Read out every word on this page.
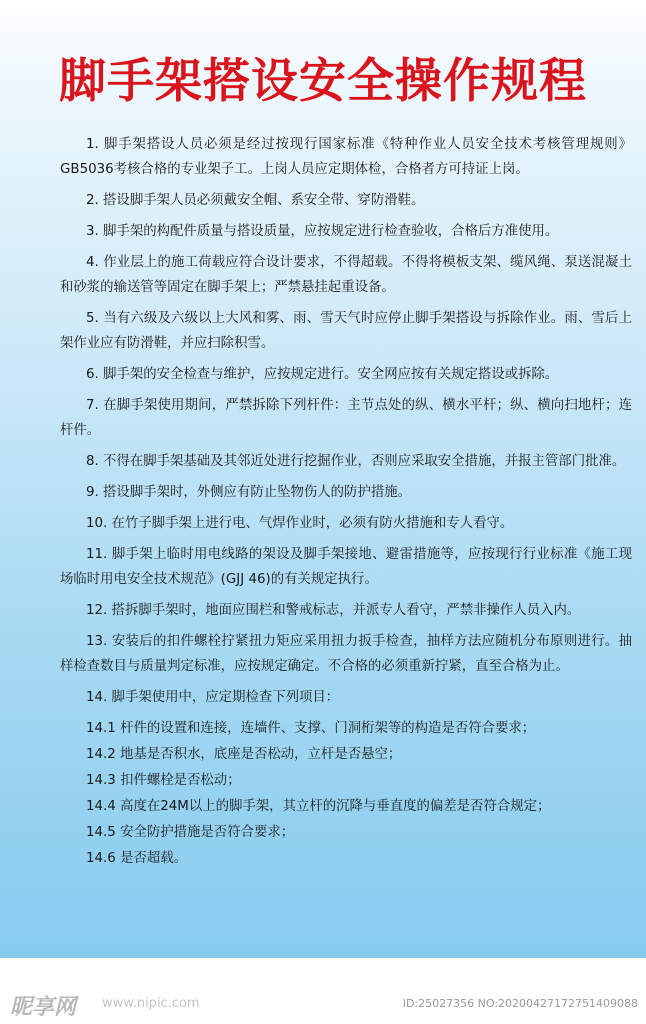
脚手架搭设安全操作规程

1. 脚手架搭设人员必须是经过按现行国家标准《特种作业人员安全技术考核管理规则》GB5036考核合格的专业架子工。上岗人员应定期体检，合格者方可持证上岗。

2. 搭设脚手架人员必须戴安全帽、系安全带、穿防滑鞋。

3. 脚手架的构配件质量与搭设质量，应按规定进行检查验收，合格后方准使用。

4. 作业层上的施工荷载应符合设计要求，不得超载。不得将模板支架、缆风绳、泵送混凝土和砂浆的输送管等固定在脚手架上；严禁悬挂起重设备。

5. 当有六级及六级以上大风和雾、雨、雪天气时应停止脚手架搭设与拆除作业。雨、雪后上架作业应有防滑鞋，并应扫除积雪。

6. 脚手架的安全检查与维护，应按规定进行。安全网应按有关规定搭设或拆除。

7. 在脚手架使用期间，严禁拆除下列杆件：主节点处的纵、横水平杆；纵、横向扫地杆；连杆件。

8. 不得在脚手架基础及其邻近处进行挖掘作业，否则应采取安全措施，并报主管部门批准。

9. 搭设脚手架时，外侧应有防止坠物伤人的防护措施。

10. 在竹子脚手架上进行电、气焊作业时，必须有防火措施和专人看守。

11. 脚手架上临时用电线路的架设及脚手架接地、避雷措施等，应按现行行业标准《施工现场临时用电安全技术规范》(GJJ 46)的有关规定执行。

12. 搭拆脚手架时，地面应围栏和警戒标志，并派专人看守，严禁非操作人员入内。

13. 安装后的扣件螺栓拧紧扭力矩应采用扭力扳手检查，抽样方法应随机分布原则进行。抽样检查数目与质量判定标准，应按规定确定。不合格的必须重新拧紧，直至合格为止。

14. 脚手架使用中，应定期检查下列项目：

14.1 杆件的设置和连接，连墙件、支撑、门洞桁架等的构造是否符合要求；

14.2 地基是否积水，底座是否松动，立杆是否悬空；

14.3 扣件螺栓是否松动；

14.4 高度在24M以上的脚手架，其立杆的沉降与垂直度的偏差是否符合规定；

14.5 安全防护措施是否符合要求；

14.6 是否超载。

昵享网 www.nipic.com	ID:25027356 NO:20200427172751409088
